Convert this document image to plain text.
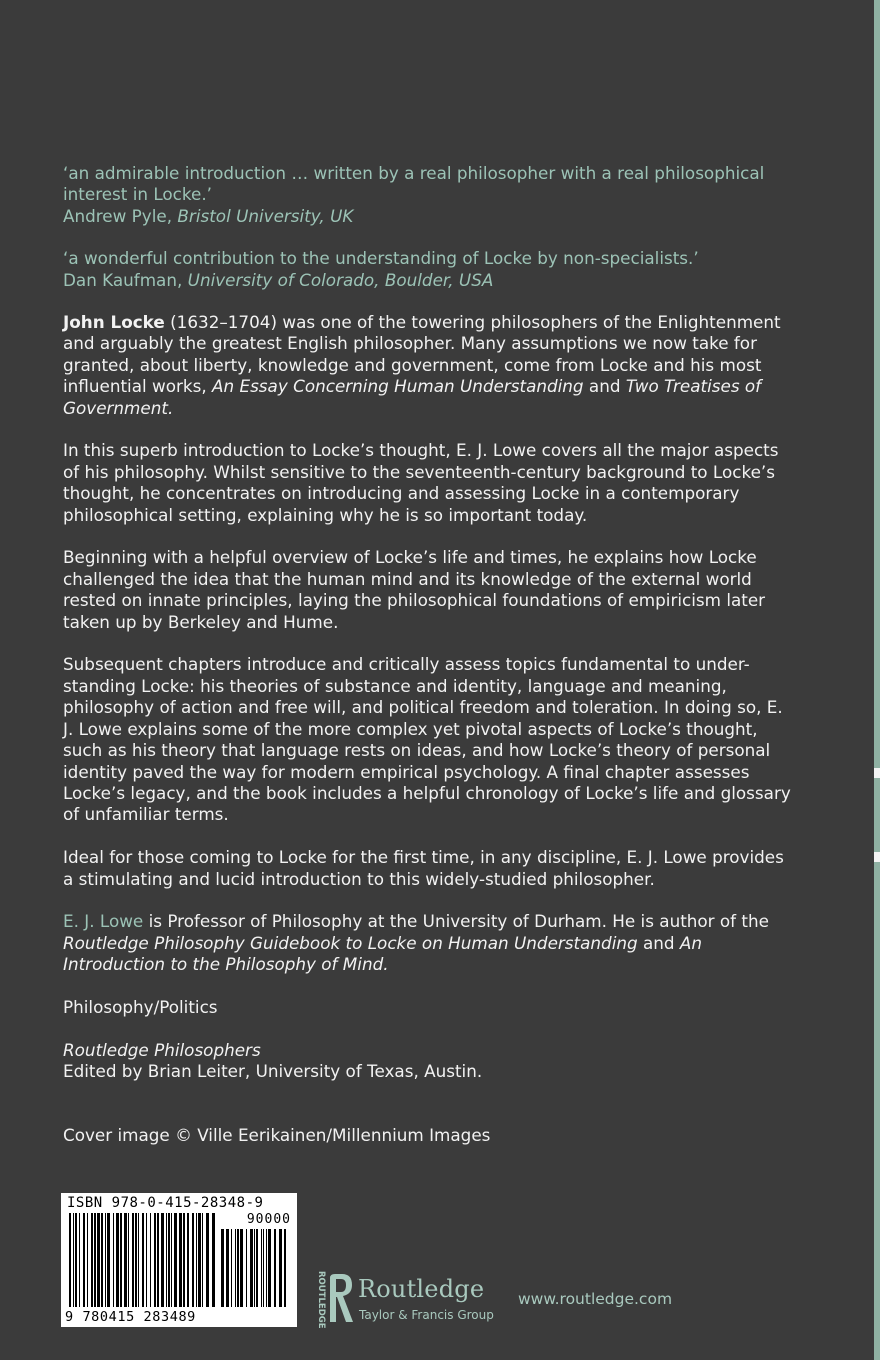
‘an admirable introduction … written by a real philosopher with a real philosophical interest in Locke.’
Andrew Pyle, Bristol University, UK
‘a wonderful contribution to the understanding of Locke by non-specialists.’
Dan Kaufman, University of Colorado, Boulder, USA

John Locke (1632–1704) was one of the towering philosophers of the Enlightenment and arguably the greatest English philosopher. Many assumptions we now take for granted, about liberty, knowledge and government, come from Locke and his most influential works, An Essay Concerning Human Understanding and Two Treatises of Government.

In this superb introduction to Locke’s thought, E. J. Lowe covers all the major aspects of his philosophy. Whilst sensitive to the seventeenth-century background to Locke’s thought, he concentrates on introducing and assessing Locke in a contemporary philosophical setting, explaining why he is so important today.

Beginning with a helpful overview of Locke’s life and times, he explains how Locke challenged the idea that the human mind and its knowledge of the external world rested on innate principles, laying the philosophical foundations of empiricism later taken up by Berkeley and Hume.

Subsequent chapters introduce and critically assess topics fundamental to under-standing Locke: his theories of substance and identity, language and meaning, philosophy of action and free will, and political freedom and toleration. In doing so, E. J. Lowe explains some of the more complex yet pivotal aspects of Locke’s thought, such as his theory that language rests on ideas, and how Locke’s theory of personal identity paved the way for modern empirical psychology. A final chapter assesses Locke’s legacy, and the book includes a helpful chronology of Locke’s life and glossary of unfamiliar terms.

Ideal for those coming to Locke for the first time, in any discipline, E. J. Lowe provides a stimulating and lucid introduction to this widely-studied philosopher.

E. J. Lowe is Professor of Philosophy at the University of Durham. He is author of the Routledge Philosophy Guidebook to Locke on Human Understanding and An Introduction to the Philosophy of Mind.

Philosophy/Politics

Routledge Philosophers
Edited by Brian Leiter, University of Texas, Austin.

Cover image © Ville Eerikainen/Millennium Images

ISBN 978-0-415-28348-9
90000
9 780415 283489	ROUTLEDGE Routledge
Taylor & Francis Group
www.routledge.com
